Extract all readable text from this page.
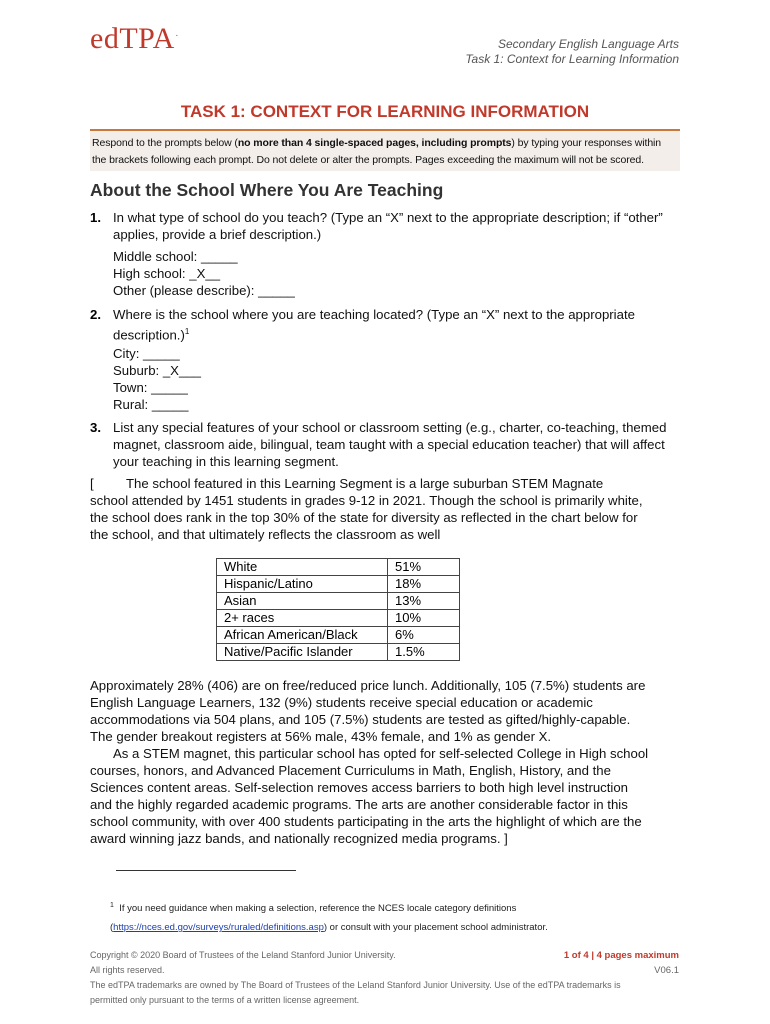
edTPA.
Secondary English Language Arts
Task 1: Context for Learning Information
TASK 1: CONTEXT FOR LEARNING INFORMATION
Respond to the prompts below (no more than 4 single-spaced pages, including prompts) by typing your responses within the brackets following each prompt. Do not delete or alter the prompts. Pages exceeding the maximum will not be scored.
About the School Where You Are Teaching
1. In what type of school do you teach? (Type an “X” next to the appropriate description; if “other” applies, provide a brief description.)
Middle school: _____
High school: _X__
Other (please describe): _____
2. Where is the school where you are teaching located? (Type an “X” next to the appropriate description.)$^1$
City: _____
Suburb: _X___
Town: _____
Rural: _____
3. List any special features of your school or classroom setting (e.g., charter, co-teaching, themed magnet, classroom aide, bilingual, team taught with a special education teacher) that will affect your teaching in this learning segment.
[ The school featured in this Learning Segment is a large suburban STEM Magnate
school attended by 1451 students in grades 9-12 in 2021. Though the school is primarily white,
the school does rank in the top 30% of the state for diversity as reflected in the chart below for
the school, and that ultimately reflects the classroom as well
White	51%
Hispanic/Latino	18%
Asian	13%
2+ races	10%
African American/Black	6%
Native/Pacific Islander	1.5%
Approximately 28% (406) are on free/reduced price lunch. Additionally, 105 (7.5%) students are
English Language Learners, 132 (9%) students receive special education or academic
accommodations via 504 plans, and 105 (7.5%) students are tested as gifted/highly-capable.
The gender breakout registers at 56% male, 43% female, and 1% as gender X.
As a STEM magnet, this particular school has opted for self-selected College in High school
courses, honors, and Advanced Placement Curriculums in Math, English, History, and the
Sciences content areas. Self-selection removes access barriers to both high level instruction
and the highly regarded academic programs. The arts are another considerable factor in this
school community, with over 400 students participating in the arts the highlight of which are the
award winning jazz bands, and nationally recognized media programs. ]
$^1$ If you need guidance when making a selection, reference the NCES locale category definitions
(https://nces.ed.gov/surveys/ruraled/definitions.asp) or consult with your placement school administrator.
Copyright © 2020 Board of Trustees of the Leland Stanford Junior University.
All rights reserved.
The edTPA trademarks are owned by The Board of Trustees of the Leland Stanford Junior University. Use of the edTPA trademarks is
permitted only pursuant to the terms of a written license agreement.
1 of 4 | 4 pages maximum
V06.1
